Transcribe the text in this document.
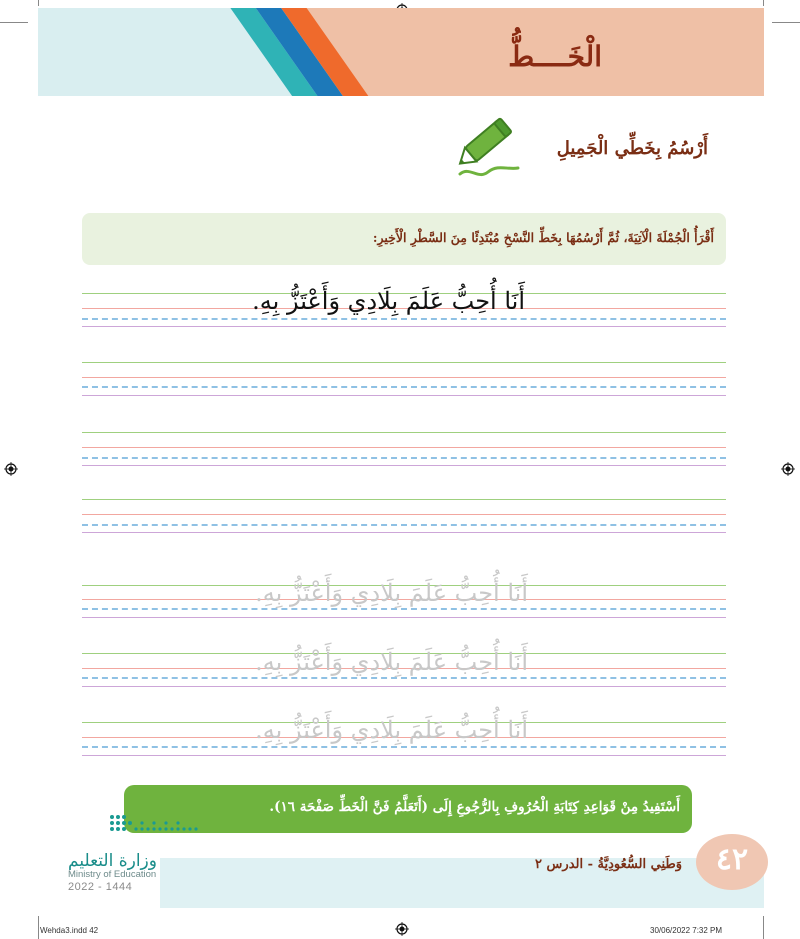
الْخَــــطُّ
أَرْسُمُ بِخَطِّي الْجَمِيلِ
أَقْرَأُ الْجُمْلَةَ الْآتِيَةَ، ثُمَّ أَرْسُمُهَا بِخَطِّ النَّسْخِ مُبْتَدِئًا مِنَ السَّطْرِ الْأَخِيرِ:
أَنَا أُحِبُّ عَلَمَ بِلَادِي وَأَعْتَزُّ بِهِ.
أَنَا أُحِبُّ عَلَمَ بِلَادِي وَأَعْتَزُّ بِهِ.
أَنَا أُحِبُّ عَلَمَ بِلَادِي وَأَعْتَزُّ بِهِ.
أَنَا أُحِبُّ عَلَمَ بِلَادِي وَأَعْتَزُّ بِهِ.
أَسْتَفِيدُ مِنْ قَوَاعِدِ كِتَابَةِ الْحُرُوفِ بِالرُّجُوعِ إِلَى (أَتَعَلَّمُ فَنَّ الْخَطِّ صَفْحَة ١٦).
٤٢
وَطَنِي السُّعُودِيَّةُ - الدرس ٢
وزارة التعليم
Ministry of Education
2022 - 1444
Wehda3.indd 42	30/06/2022 7:32 PM
